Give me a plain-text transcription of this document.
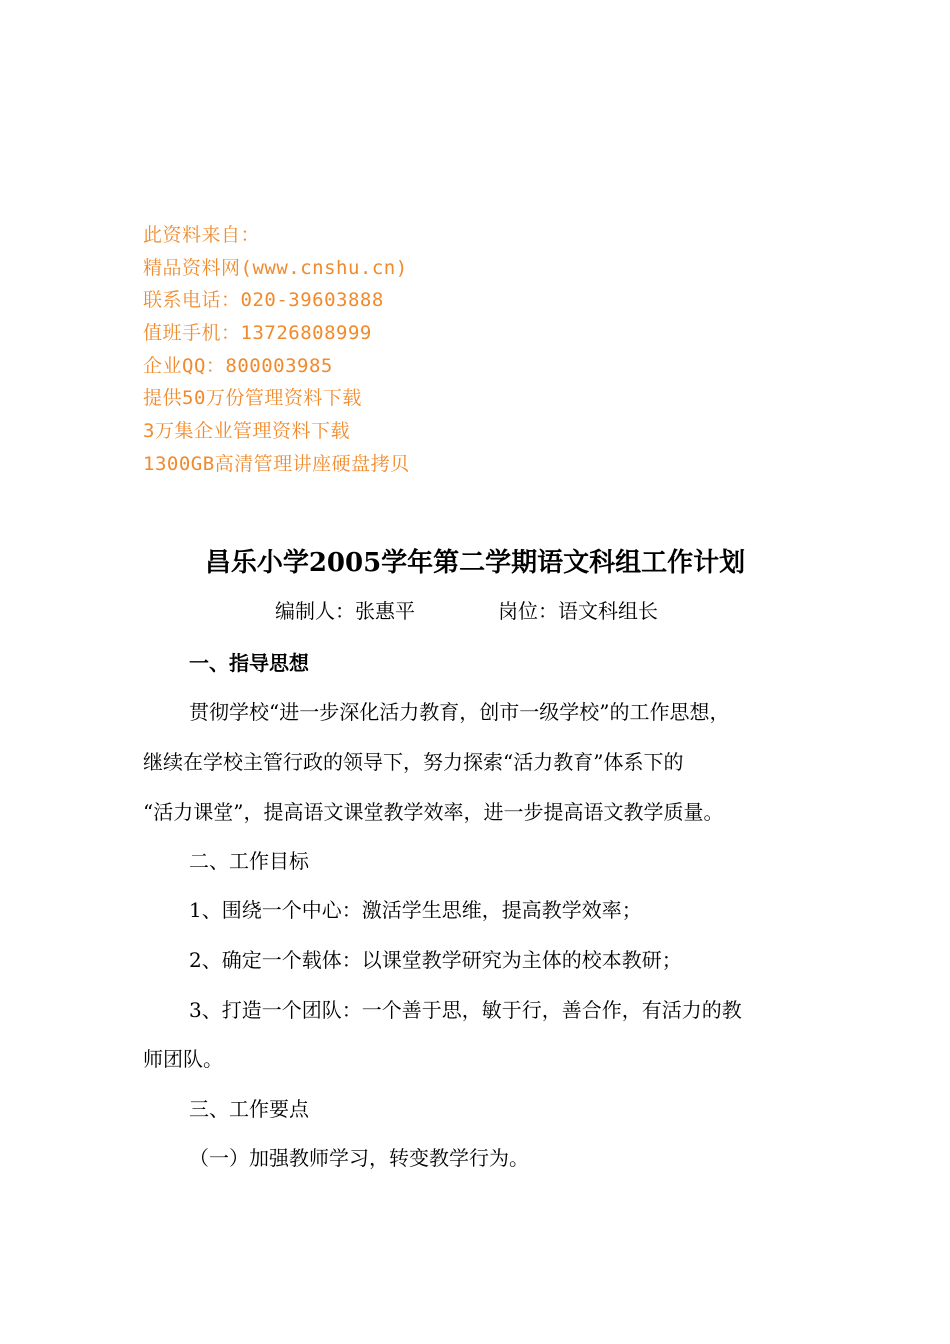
此资料来自：
精品资料网(www.cnshu.cn)
联系电话：020-39603888
值班手机：13726808999
企业QQ：800003985
提供50万份管理资料下载
3万集企业管理资料下载
1300GB高清管理讲座硬盘拷贝
昌乐小学2005学年第二学期语文科组工作计划
编制人：张惠平	岗位：语文科组长
一、指导思想
贯彻学校“进一步深化活力教育，创市一级学校”的工作思想，
继续在学校主管行政的领导下，努力探索“活力教育”体系下的
“活力课堂”，提高语文课堂教学效率，进一步提高语文教学质量。
二、工作目标
1、围绕一个中心：激活学生思维，提高教学效率；
2、确定一个载体：以课堂教学研究为主体的校本教研；
3、打造一个团队：一个善于思，敏于行，善合作，有活力的教
师团队。
三、工作要点
（一）加强教师学习，转变教学行为。
